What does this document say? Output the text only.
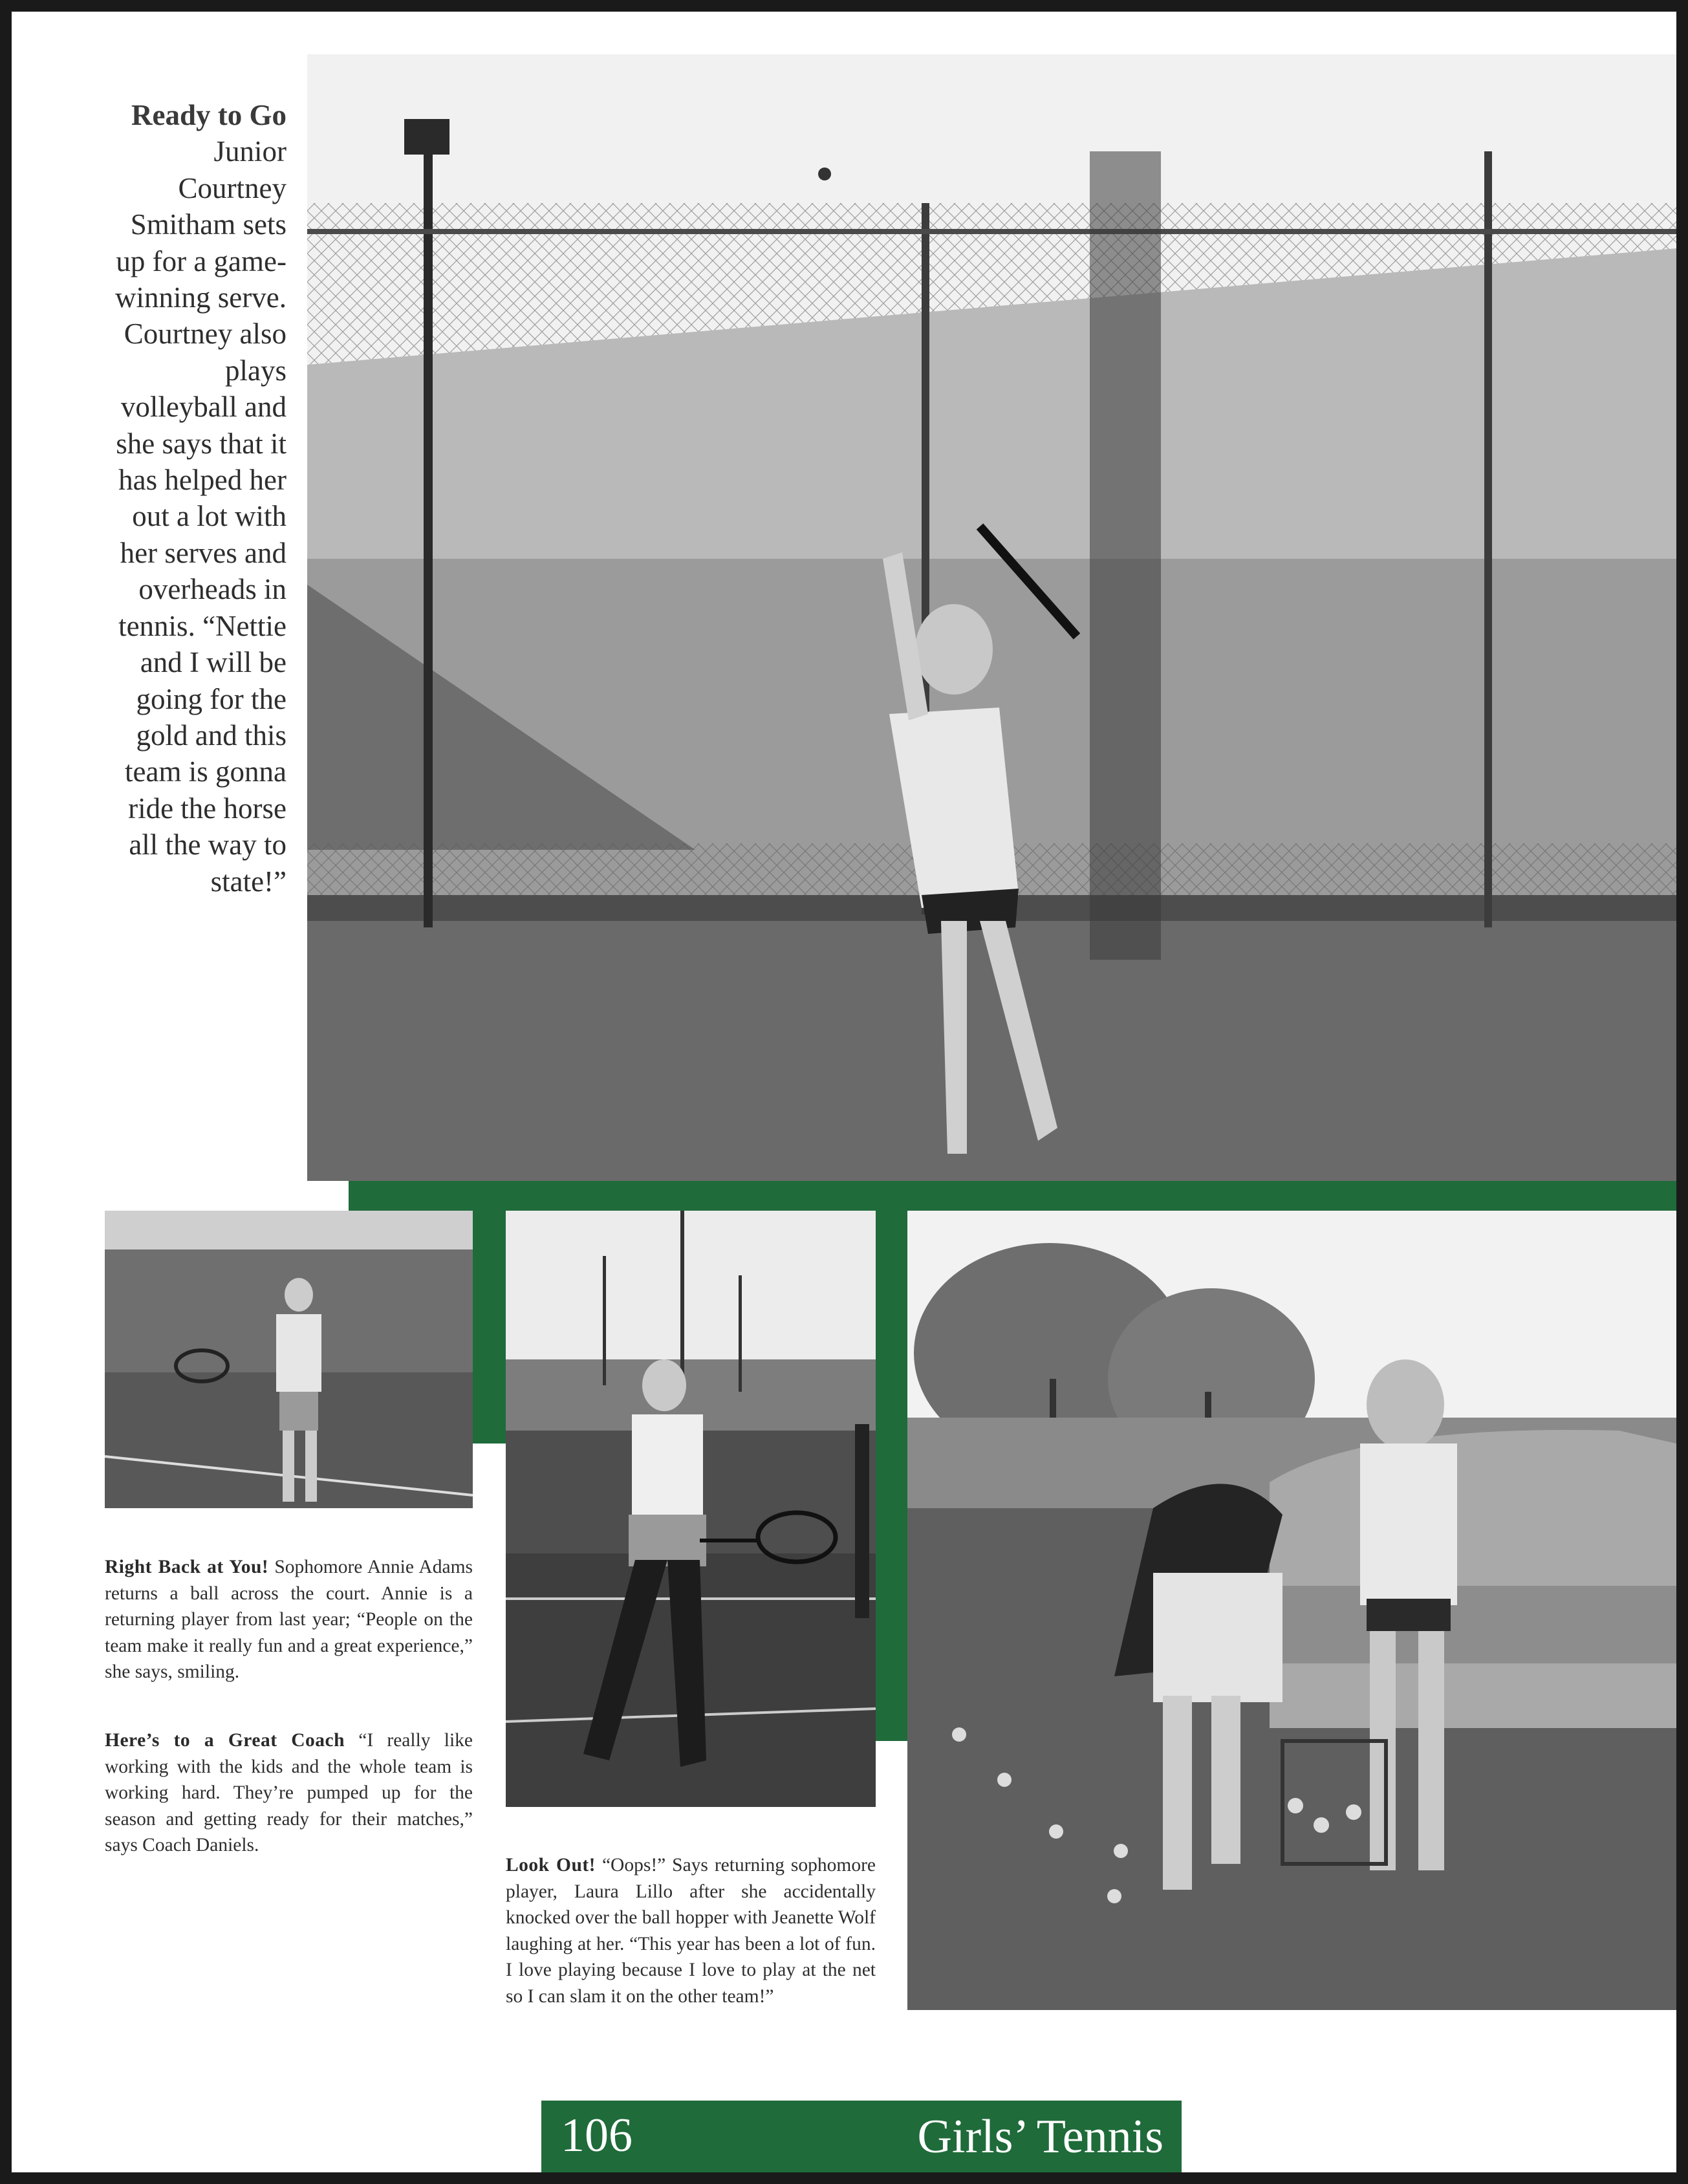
Ready to Go Junior Courtney Smitham sets up for a game-winning serve. Courtney also plays volleyball and she says that it has helped her out a lot with her serves and overheads in tennis. “Nettie and I will be going for the gold and this team is gonna ride the horse all the way to state!”
Right Back at You! Sophomore Annie Adams returns a ball across the court. Annie is a returning player from last year; “People on the team make it really fun and a great experience,” she says, smiling.
Here’s to a Great Coach “I really like working with the kids and the whole team is working hard. They’re pumped up for the season and getting ready for their matches,” says Coach Daniels.
Look Out! “Oops!” Says returning sophomore player, Laura Lillo after she accidentally knocked over the ball hopper with Jeanette Wolf laughing at her. “This year has been a lot of fun. I love playing because I love to play at the net so I can slam it on the other team!”
106	Girls’ Tennis
